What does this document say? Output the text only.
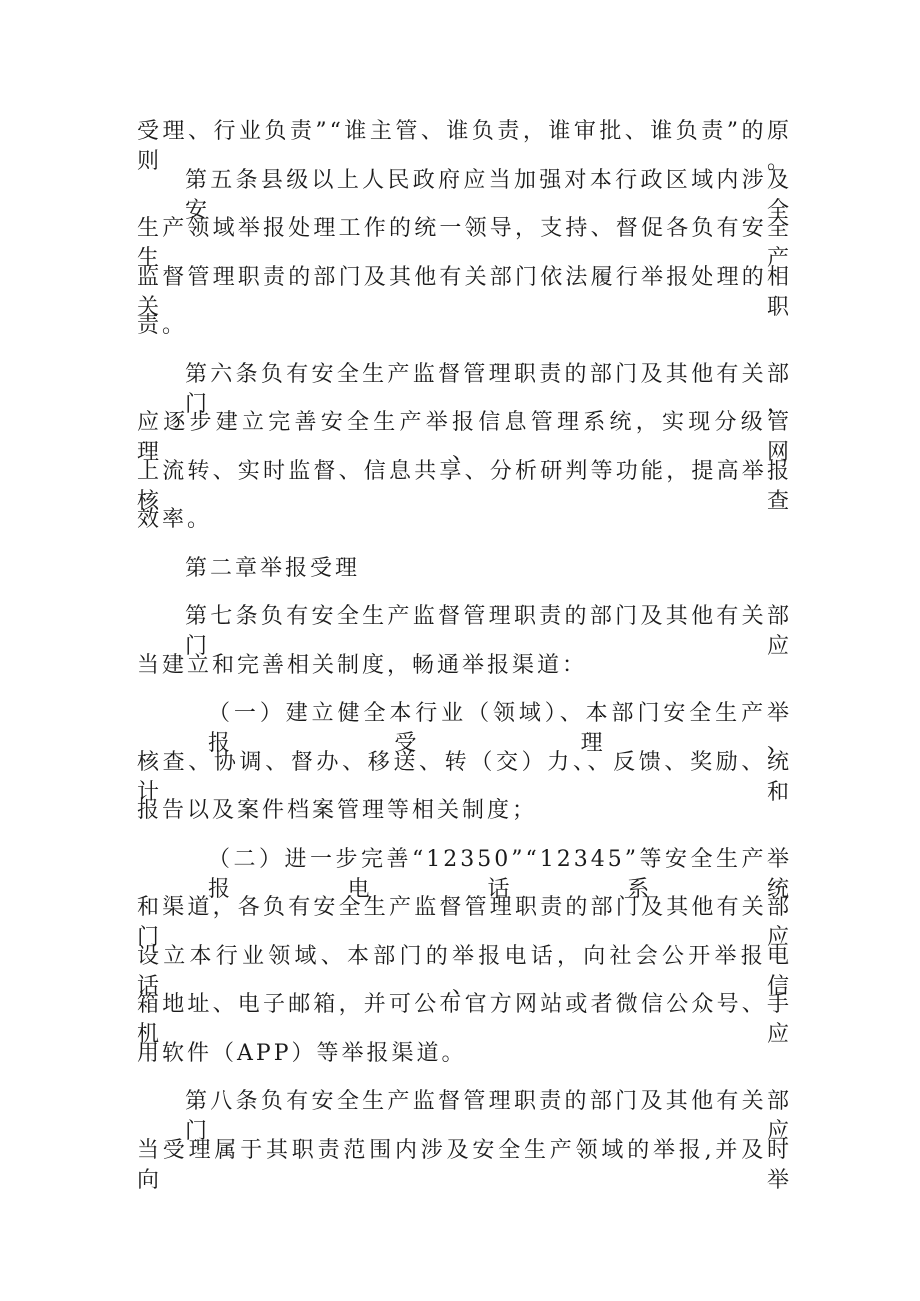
受理、行业负责”“谁主管、谁负责，谁审批、谁负责”的原则。
第五条县级以上人民政府应当加强对本行政区域内涉及安全
生产领域举报处理工作的统一领导，支持、督促各负有安全生产
监督管理职责的部门及其他有关部门依法履行举报处理的相关职
责。
第六条负有安全生产监督管理职责的部门及其他有关部门，
应逐步建立完善安全生产举报信息管理系统，实现分级管理、网
上流转、实时监督、信息共享、分析研判等功能，提高举报核查
效率。
第二章举报受理
第七条负有安全生产监督管理职责的部门及其他有关部门应
当建立和完善相关制度，畅通举报渠道：
（一）建立健全本行业（领域）、本部门安全生产举报受理、
核查、协调、督办、移送、转（交）力、、反馈、奖励、统计和
报告以及案件档案管理等相关制度；
（二）进一步完善“12350”“12345”等安全生产举报电话系统
和渠道，各负有安全生产监督管理职责的部门及其他有关部门应
设立本行业领域、本部门的举报电话，向社会公开举报电话、信
箱地址、电子邮箱，并可公布官方网站或者微信公众号、手机应
用软件（APP）等举报渠道。
第八条负有安全生产监督管理职责的部门及其他有关部门应
当受理属于其职责范围内涉及安全生产领域的举报,并及时向举
